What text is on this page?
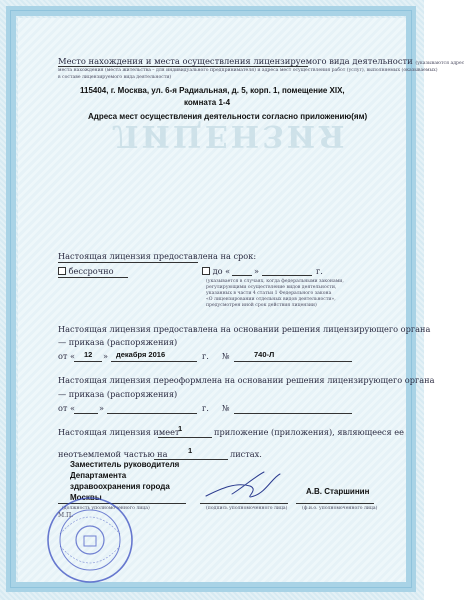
ЛИЦЕНЗИЯ
Место нахождения и места осуществления лицензируемого вида деятельности (указываются адрес
места нахождения (места жительства – для индивидуального предпринимателя) и адреса мест осуществления работ (услуг), выполняемых (оказываемых)
в составе лицензируемого вида деятельности)
115404, г. Москва, ул. 6-я Радиальная, д. 5, корп. 1, помещение XIX,
комната 1-4
Адреса мест осуществления деятельности согласно приложению(ям)
Настоящая лицензия предоставлена на срок:
бессрочно	до «	»	г.
(указывается в случаях, когда федеральными законами,
регулирующими осуществление видов деятельности,
указанных в части 4 статьи 1 Федерального закона
«О лицензировании отдельных видов деятельности»,
предусмотрен иной срок действия лицензии)
Настоящая лицензия предоставлена на основании решения лицензирующего органа
— приказа (распоряжения)
от « 12 » декабря 2016	г. №	740-Л
Настоящая лицензия переоформлена на основании решения лицензирующего органа
— приказа (распоряжения)
от «	»	г. №
Настоящая лицензия имеет
1	приложение (приложения), являющееся ее
неотъемлемой частью на	1	листах.
Заместитель руководителя
Департамента
здравоохранения города
Москвы
(должность уполномоченного лица)	(подпись уполномоченного лица)
А.В. Старшинин
(ф.и.о. уполномоченного лица)
М.П.
